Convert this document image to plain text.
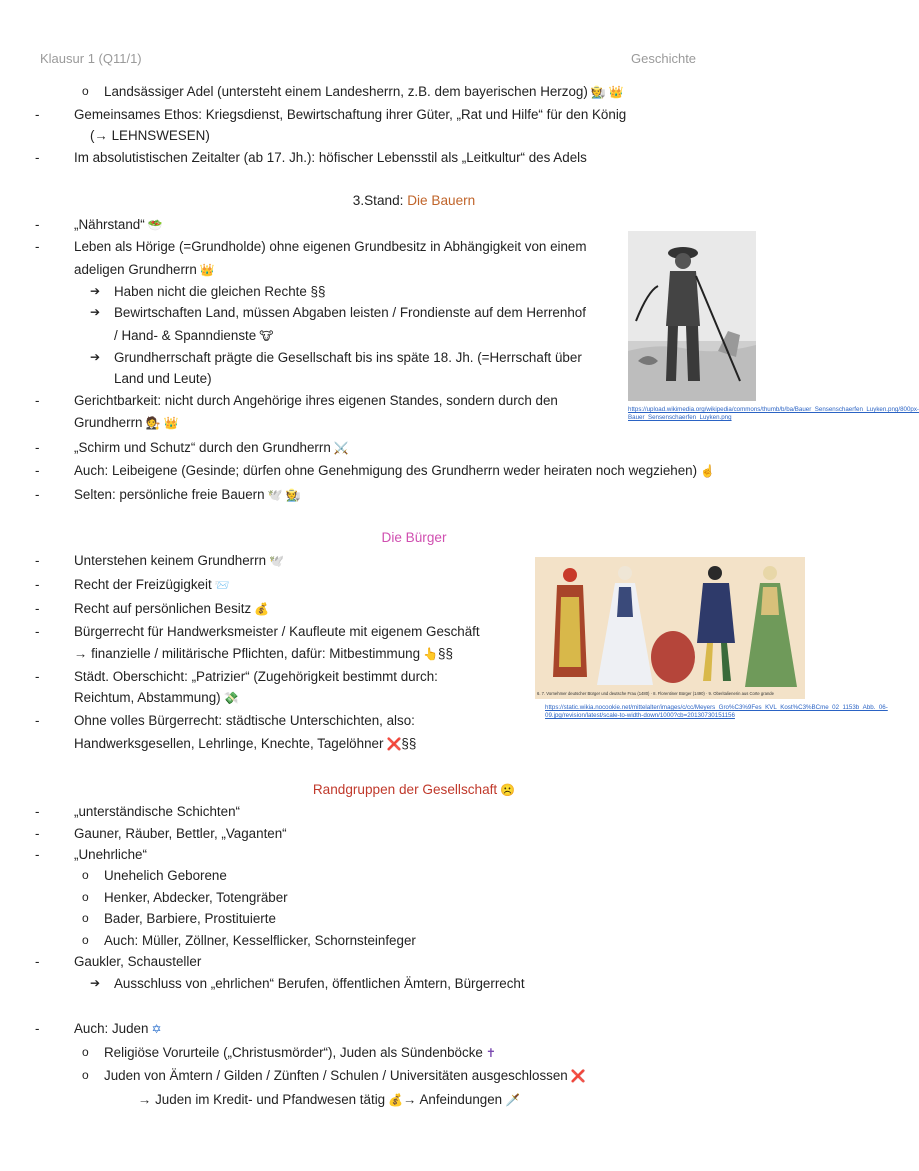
Klausur 1 (Q11/1)	Geschichte
o Landsässiger Adel (untersteht einem Landesherrn, z.B. dem bayerischen Herzog) 🧑‍🌾 👑
- Gemeinsames Ethos: Kriegsdienst, Bewirtschaftung ihrer Güter, „Rat und Hilfe“ für den König
(→ LEHNSWESEN)
- Im absolutistischen Zeitalter (ab 17. Jh.): höfischer Lebensstil als „Leitkultur“ des Adels
3.Stand: Die Bauern
- „Nährstand“ 🥗
- Leben als Hörige (=Grundholde) ohne eigenen Grundbesitz in Abhängigkeit von einem
adeligen Grundherrn 👑
➔ Haben nicht die gleichen Rechte §§
➔ Bewirtschaften Land, müssen Abgaben leisten / Frondienste auf dem Herrenhof
/ Hand- & Spanndienste 🐮
➔ Grundherrschaft prägte die Gesellschaft bis ins späte 18. Jh. (=Herrschaft über
Land und Leute)
- Gerichtbarkeit: nicht durch Angehörige ihres eigenen Standes, sondern durch den
Grundherrn 🧑‍⚖️ 👑
- „Schirm und Schutz“ durch den Grundherrn ⚔️
- Auch: Leibeigene (Gesinde; dürfen ohne Genehmigung des Grundherrn weder heiraten noch wegziehen) ☝️
- Selten: persönliche freie Bauern 🕊️ 🧑‍🌾
https://upload.wikimedia.org/wikipedia/commons/thumb/b/ba/Bauer_Sensenschaerfen_Luyken.png/800px-Bauer_Sensenschaerfen_Luyken.png
Die Bürger
- Unterstehen keinem Grundherrn 🕊️
- Recht der Freizügigkeit 📨
- Recht auf persönlichen Besitz 💰
- Bürgerrecht für Handwerksmeister / Kaufleute mit eigenem Geschäft
→ finanzielle / militärische Pflichten, dafür: Mitbestimmung 👆§§
- Städt. Oberschicht: „Patrizier“ (Zugehörigkeit bestimmt durch:
Reichtum, Abstammung) 💸
- Ohne volles Bürgerrecht: städtische Unterschichten, also:
Handwerksgesellen, Lehrlinge, Knechte, Tagelöhner ❌§§
6. 7. Vornehmer deutscher Bürger und deutsche Frau (1480) · 8. Florentiner Bürger (1490) · 9. Oberitalienerin aus Corte grande
https://static.wikia.nocookie.net/mittelalter/images/c/cc/Meyers_Gro%C3%9Fes_KVL_Kost%C3%BCme_02_1153b_Abb._06-09.jpg/revision/latest/scale-to-width-down/1000?cb=20130730151156
Randgruppen der Gesellschaft ☹️
- „unterständische Schichten“
- Gauner, Räuber, Bettler, „Vaganten“
- „Unehrliche“
o Unehelich Geborene
o Henker, Abdecker, Totengräber
o Bader, Barbiere, Prostituierte
o Auch: Müller, Zöllner, Kesselflicker, Schornsteinfeger
- Gaukler, Schausteller
➔ Ausschluss von „ehrlichen“ Berufen, öffentlichen Ämtern, Bürgerrecht
- Auch: Juden ✡
o Religiöse Vorurteile („Christusmörder“), Juden als Sündenböcke ✝
o Juden von Ämtern / Gilden / Zünften / Schulen / Universitäten ausgeschlossen ❌
→ Juden im Kredit- und Pfandwesen tätig 💰→ Anfeindungen 🗡️
